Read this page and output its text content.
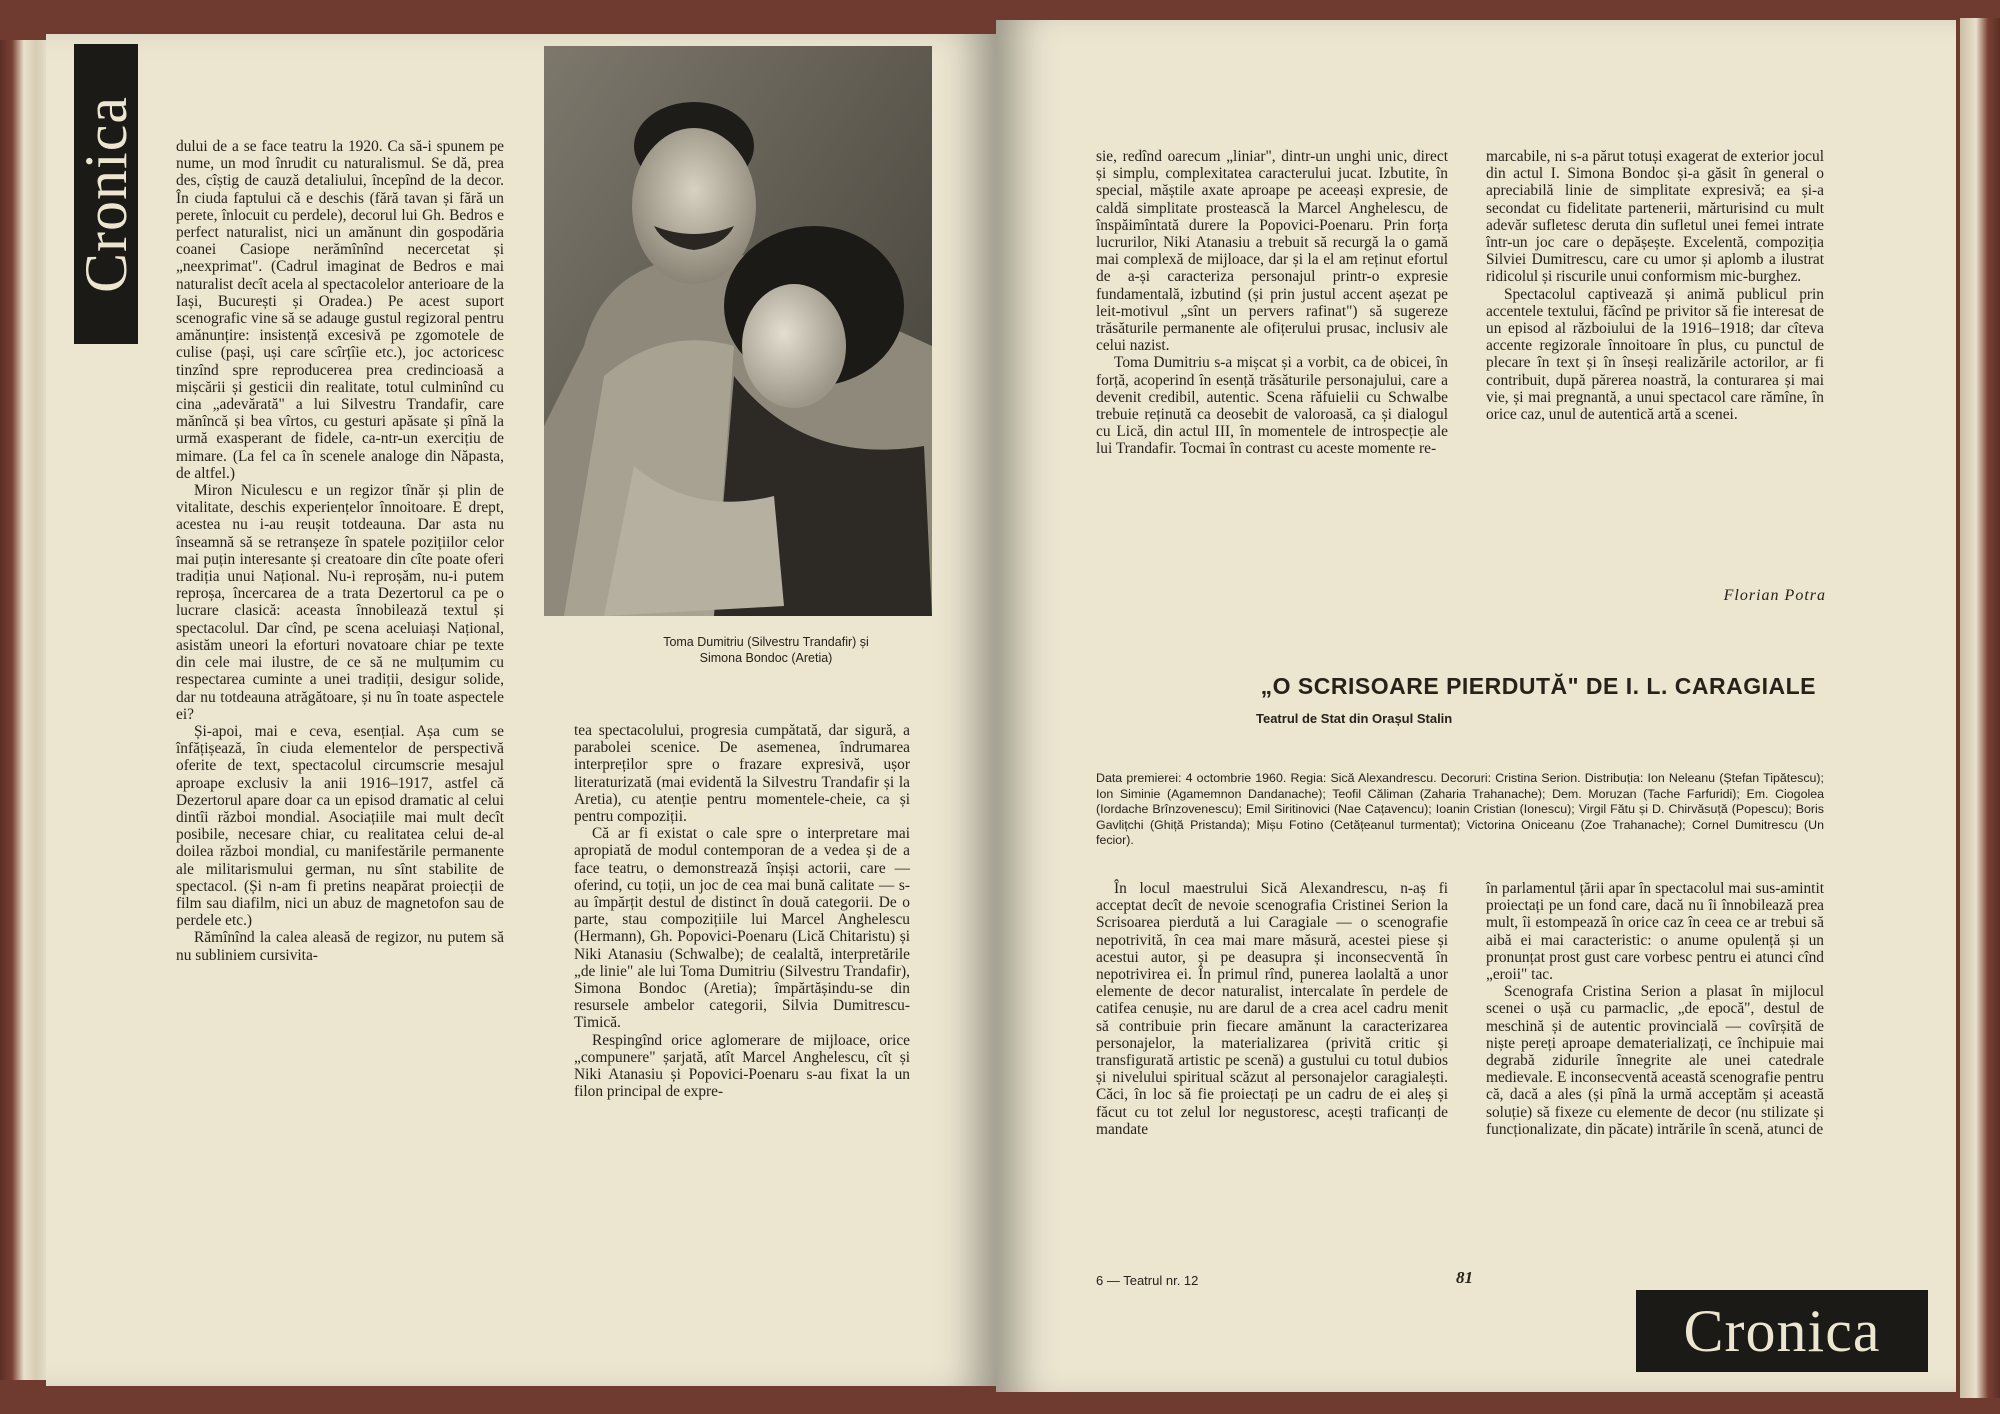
Cronica dului de a se face teatru la 1920. Ca să-i spunem pe nume, un mod înrudit cu naturalismul. Se dă, prea des, cîștig de cauză detaliului, începînd de la decor. În ciuda faptului că e deschis (fără tavan și fără un perete, înlocuit cu perdele), decorul lui Gh. Bedros e perfect naturalist, nici un amănunt din gospodăria coanei Casiope nerămînînd necercetat și „neexprimat". (Cadrul imaginat de Bedros e mai naturalist decît acela al spectacolelor anterioare de la Iași, București și Oradea.) Pe acest suport scenografic vine să se adauge gustul regizoral pentru amănunțire: insistență excesivă pe zgomotele de culise (pași, uși care scîrțîie etc.), joc actoricesc tinzînd spre reproducerea prea credincioasă a mișcării și gesticii din realitate, totul culminînd cu cina „adevărată" a lui Silvestru Trandafir, care mănîncă și bea vîrtos, cu gesturi apăsate și pînă la urmă exasperant de fidele, ca-ntr-un exercițiu de mimare. (La fel ca în scenele analoge din Năpasta, de altfel.)

Miron Niculescu e un regizor tînăr și plin de vitalitate, deschis experiențelor înnoitoare. E drept, acestea nu i-au reușit totdeauna. Dar asta nu înseamnă să se retranșeze în spatele pozițiilor celor mai puțin interesante și creatoare din cîte poate oferi tradiția unui Național. Nu-i reproșăm, nu-i putem reproșa, încercarea de a trata Dezertorul ca pe o lucrare clasică: aceasta înnobilează textul și spectacolul. Dar cînd, pe scena aceluiași Național, asistăm uneori la eforturi novatoare chiar pe texte din cele mai ilustre, de ce să ne mulțumim cu respectarea cuminte a unei tradiții, desigur solide, dar nu totdeauna atrăgătoare, și nu în toate aspectele ei?

Și-apoi, mai e ceva, esențial. Așa cum se înfățișează, în ciuda elementelor de perspectivă oferite de text, spectacolul circumscrie mesajul aproape exclusiv la anii 1916–1917, astfel că Dezertorul apare doar ca un episod dramatic al celui dintîi război mondial. Asociațiile mai mult decît posibile, necesare chiar, cu realitatea celui de-al doilea război mondial, cu manifestările permanente ale militarismului german, nu sînt stabilite de spectacol. (Și n-am fi pretins neapărat proiecții de film sau diafilm, nici un abuz de magnetofon sau de perdele etc.)

Rămînînd la calea aleasă de regizor, nu putem să nu subliniem cursivita-

Toma Dumitriu (Silvestru Trandafir) și Simona Bondoc (Aretia)

tea spectacolului, progresia cumpătată, dar sigură, a parabolei scenice. De asemenea, îndrumarea interpreților spre o frazare expresivă, ușor literaturizată (mai evidentă la Silvestru Trandafir și la Aretia), cu atenție pentru momentele-cheie, ca și pentru compoziții.

Că ar fi existat o cale spre o interpretare mai apropiată de modul contemporan de a vedea și de a face teatru, o demonstrează înșiși actorii, care — oferind, cu toții, un joc de cea mai bună calitate — s-au împărțit destul de distinct în două categorii. De o parte, stau compozițiile lui Marcel Anghelescu (Hermann), Gh. Popovici-Poenaru (Lică Chitaristu) și Niki Atanasiu (Schwalbe); de cealaltă, interpretările „de linie" ale lui Toma Dumitriu (Silvestru Trandafir), Simona Bondoc (Aretia); împărtășindu-se din resursele ambelor categorii, Silvia Dumitrescu-Timică.

Respingînd orice aglomerare de mijloace, orice „compunere" șarjată, atît Marcel Anghelescu, cît și Niki Atanasiu și Popovici-Poenaru s-au fixat la un filon principal de expre-

sie, redînd oarecum „liniar", dintr-un unghi unic, direct și simplu, complexitatea caracterului jucat. Izbutite, în special, măștile axate aproape pe aceeași expresie, de caldă simplitate prostească la Marcel Anghelescu, de înspăimîntată durere la Popovici-Poenaru. Prin forța lucrurilor, Niki Atanasiu a trebuit să recurgă la o gamă mai complexă de mijloace, dar și la el am reținut efortul de a-și caracteriza personajul printr-o expresie fundamentală, izbutind (și prin justul accent așezat pe leit-motivul „sînt un pervers rafinat") să sugereze trăsăturile permanente ale ofițerului prusac, inclusiv ale celui nazist.

Toma Dumitriu s-a mișcat și a vorbit, ca de obicei, în forță, acoperind în esență trăsăturile personajului, care a devenit credibil, autentic. Scena răfuielii cu Schwalbe trebuie reținută ca deosebit de valoroasă, ca și dialogul cu Lică, din actul III, în momentele de introspecție ale lui Trandafir. Tocmai în contrast cu aceste momente re-

marcabile, ni s-a părut totuși exagerat de exterior jocul din actul I. Simona Bondoc și-a găsit în general o apreciabilă linie de simplitate expresivă; ea și-a secondat cu fidelitate partenerii, mărturisind cu mult adevăr sufletesc deruta din sufletul unei femei intrate într-un joc care o depășește. Excelentă, compoziția Silviei Dumitrescu, care cu umor și aplomb a ilustrat ridicolul și riscurile unui conformism mic-burghez.

Spectacolul captivează și animă publicul prin accentele textului, făcînd pe privitor să fie interesat de un episod al războiului de la 1916–1918; dar cîteva accente regizorale înnoitoare în plus, cu punctul de plecare în text și în înseși realizările actorilor, ar fi contribuit, după părerea noastră, la conturarea și mai vie, și mai pregnantă, a unui spectacol care rămîne, în orice caz, unul de autentică artă a scenei.

Florian Potra
„O SCRISOARE PIERDUTĂ" DE I. L. CARAGIALE
Teatrul de Stat din Orașul Stalin
Data premierei: 4 octombrie 1960. Regia: Sică Alexandrescu. Decoruri: Cristina Serion. Distribuția: Ion Neleanu (Ștefan Tipătescu); Ion Siminie (Agamemnon Dandanache); Teofil Căliman (Zaharia Trahanache); Dem. Moruzan (Tache Farfuridi); Em. Ciogolea (Iordache Brînzovenescu); Emil Siritinovici (Nae Cațavencu); Ioanin Cristian (Ionescu); Virgil Fătu și D. Chirvăsuță (Popescu); Boris Gavlițchi (Ghiță Pristanda); Mișu Fotino (Cetățeanul turmentat); Victorina Oniceanu (Zoe Trahanache); Cornel Dumitrescu (Un fecior).

În locul maestrului Sică Alexandrescu, n-aș fi acceptat decît de nevoie scenografia Cristinei Serion la Scrisoarea pierdută a lui Caragiale — o scenografie nepotrivită, în cea mai mare măsură, acestei piese și acestui autor, și pe deasupra și inconsecventă în nepotrivirea ei. În primul rînd, punerea laolaltă a unor elemente de decor naturalist, intercalate în perdele de catifea cenușie, nu are darul de a crea acel cadru menit să contribuie prin fiecare amănunt la caracterizarea personajelor, la materializarea (privită critic și transfigurată artistic pe scenă) a gustului cu totul dubios și nivelului spiritual scăzut al personajelor caragialești. Căci, în loc să fie proiectați pe un cadru de ei aleș și făcut cu tot zelul lor negustoresc, acești traficanți de mandate

în parlamentul țării apar în spectacolul mai sus-amintit proiectați pe un fond care, dacă nu îi înnobilează prea mult, îi estompează în orice caz în ceea ce ar trebui să aibă ei mai caracteristic: o anume opulență și un pronunțat prost gust care vorbesc pentru ei atunci cînd „eroii" tac.

Scenografa Cristina Serion a plasat în mijlocul scenei o ușă cu parmaclic, „de epocă", destul de meschină și de autentic provincială — covîrșită de niște pereți aproape dematerializați, ce închipuie mai degrabă zidurile înnegrite ale unei catedrale medievale. E inconsecventă această scenografie pentru că, dacă a ales (și pînă la urmă acceptăm și această soluție) să fixeze cu elemente de decor (nu stilizate și funcționalizate, din păcate) intrările în scenă, atunci de

6 — Teatrul nr. 12	81
Cronica
